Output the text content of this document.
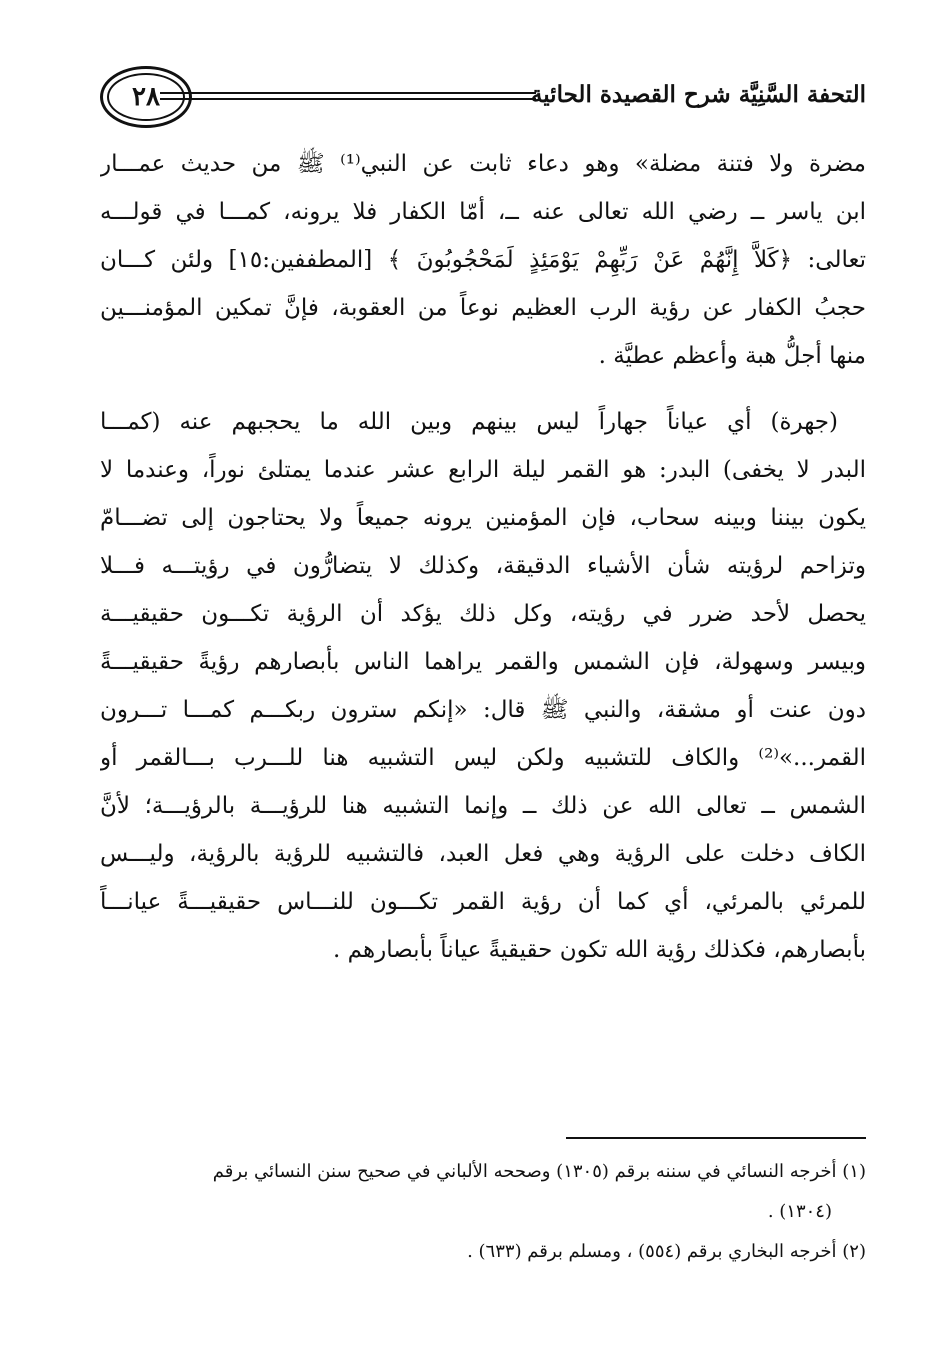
التحفة السَّنِيَّة شرح القصيدة الحائية
٢٨
مضرة ولا فتنة مضلة» وهو دعاء ثابت عن النبي⁽¹⁾ ﷺ من حديث عمـــار
ابن ياسر ــ رضي الله تعالى عنه ــ، أمّا الكفار فلا يرونه، كمـــا في قولـــه
تعالى: ﴿كَلاَّ إِنَّهُمْ عَنْ رَبِّهِمْ يَوْمَئِذٍ لَمَحْجُوبُونَ ﴾ [المطففين:١٥] ولئن كـــان
حجبُ الكفار عن رؤية الرب العظيم نوعاً من العقوبة، فإنَّ تمكين المؤمنـــين
منها أجلُّ هبة وأعظم عطيَّة .
(جهرة) أي عياناً جهاراً ليس بينهم وبين الله ما يحجبهم عنه (كمـــا
البدر لا يخفى) البدر: هو القمر ليلة الرابع عشر عندما يمتلئ نوراً، وعندما لا
يكون بيننا وبينه سحاب، فإن المؤمنين يرونه جميعاً ولا يحتاجون إلى تضـــامّ
وتزاحم لرؤيته شأن الأشياء الدقيقة، وكذلك لا يتضارُّون في رؤيتـــه فـــلا
يحصل لأحد ضرر في رؤيته، وكل ذلك يؤكد أن الرؤية تكـــون حقيقيـــة
وبيسر وسهولة، فإن الشمس والقمر يراهما الناس بأبصارهم رؤيةً حقيقيـــةً
دون عنت أو مشقة، والنبي ﷺ قال: «إنكم سترون ربكـــم كمـــا تـــرون
القمر...»⁽²⁾ والكاف للتشبيه ولكن ليس التشبيه هنا للـــرب بـــالقمر أو
الشمس ــ تعالى الله عن ذلك ــ وإنما التشبيه هنا للرؤيـــة بالرؤيـــة؛ لأنَّ
الكاف دخلت على الرؤية وهي فعل العبد، فالتشبيه للرؤية بالرؤية، وليـــس
للمرئي بالمرئي، أي كما أن رؤية القمر تكـــون للنـــاس حقيقيـــةً عيانـــاً
بأبصارهم، فكذلك رؤية الله تكون حقيقيةً عياناً بأبصارهم .
(١) أخرجه النسائي في سننه برقم (١٣٠٥) وصححه الألباني في صحيح سنن النسائي برقم
(١٣٠٤) .
(٢) أخرجه البخاري برقم (٥٥٤) ، ومسلم برقم (٦٣٣) .
